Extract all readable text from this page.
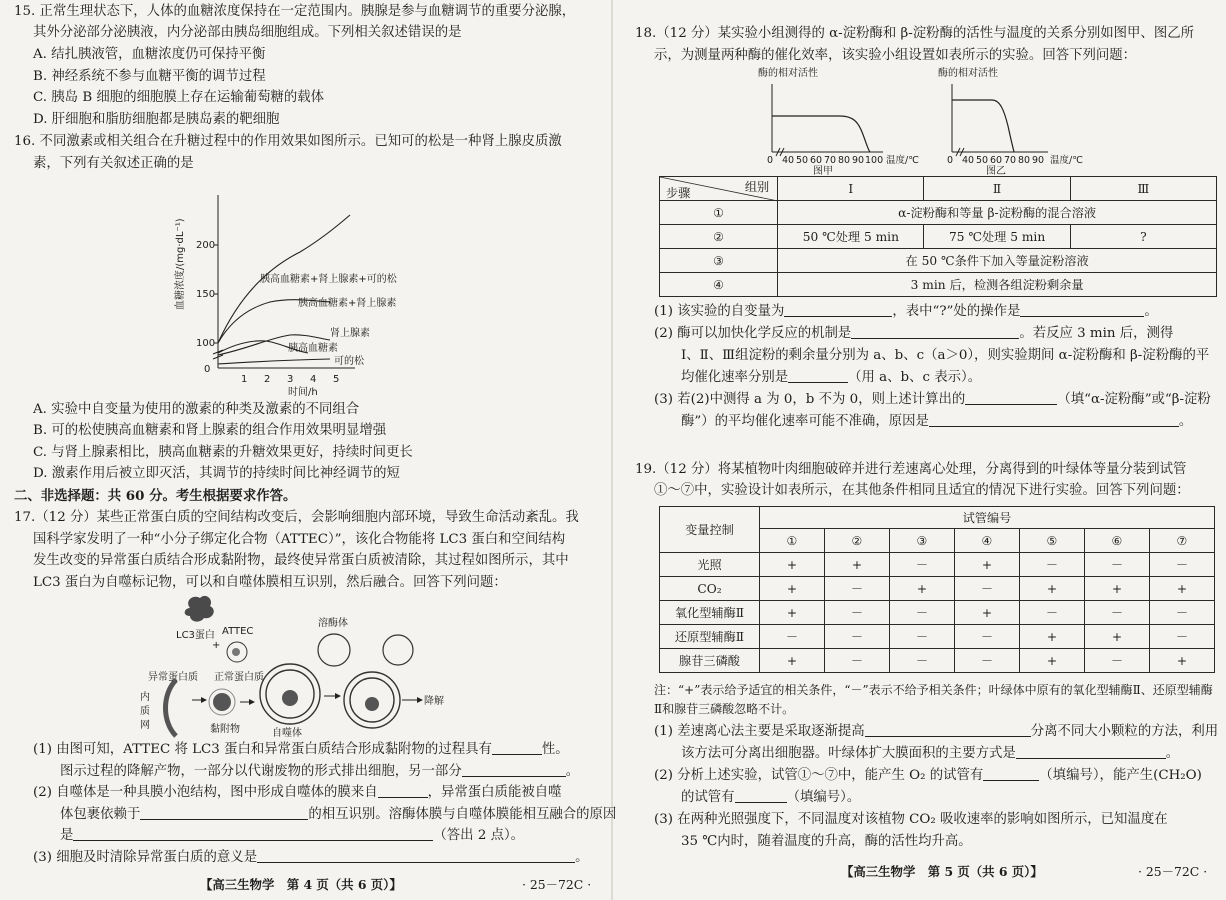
15. 正常生理状态下，人体的血糖浓度保持在一定范围内。胰腺是参与血糖调节的重要分泌腺，
其外分泌部分泌胰液，内分泌部由胰岛细胞组成。下列相关叙述错误的是
A. 结扎胰液管，血糖浓度仍可保持平衡
B. 神经系统不参与血糖平衡的调节过程
C. 胰岛 B 细胞的细胞膜上存在运输葡萄糖的载体
D. 肝细胞和脂肪细胞都是胰岛素的靶细胞
16. 不同激素或相关组合在升糖过程中的作用效果如图所示。已知可的松是一种肾上腺皮质激
素，下列有关叙述正确的是
血糖浓度/(mg·dL⁻¹)
0
100
150
200
1 2 3 4 5
时间/h
胰高血糖素+肾上腺素+可的松
胰高血糖素+肾上腺素
肾上腺素
胰高血糖素
可的松
A. 实验中自变量为使用的激素的种类及激素的不同组合
B. 可的松使胰高血糖素和肾上腺素的组合作用效果明显增强
C. 与肾上腺素相比，胰高血糖素的升糖效果更好，持续时间更长
D. 激素作用后被立即灭活，其调节的持续时间比神经调节的短
二、非选择题：共 60 分。考生根据要求作答。
17.（12 分）某些正常蛋白质的空间结构改变后，会影响细胞内部环境，导致生命活动紊乱。我
国科学家发明了一种“小分子绑定化合物（ATTEC）”，该化合物能将 LC3 蛋白和空间结构
发生改变的异常蛋白质结合形成黏附物，最终使异常蛋白质被清除，其过程如图所示，其中
LC3 蛋白为自噬标记物，可以和自噬体膜相互识别，然后融合。回答下列问题：
LC3蛋白
+
ATTEC
异常蛋白质 正常蛋白质
内
质
网	黏附物	自噬体
溶酶体
降解
(1) 由图可知，ATTEC 将 LC3 蛋白和异常蛋白质结合形成黏附物的过程具有	性。
图示过程的降解产物，一部分以代谢废物的形式排出细胞，另一部分	。
(2) 自噬体是一种具膜小泡结构，图中形成自噬体的膜来自	，异常蛋白质能被自噬
体包裹依赖于	的相互识别。溶酶体膜与自噬体膜能相互融合的原因
是	（答出 2 点）。
(3) 细胞及时清除异常蛋白质的意义是	。
【高三生物学　第 4 页（共 6 页）】	· 25－72C ·
18.（12 分）某实验小组测得的 α-淀粉酶和 β-淀粉酶的活性与温度的关系分别如图甲、图乙所
示，为测量两种酶的催化效率，该实验小组设置如表所示的实验。回答下列问题：
酶的相对活性
0 40 50 60 70 80 90 100 温度/℃
图甲
酶的相对活性
0 40 50 60 70 80 90 温度/℃
图乙
步骤 组别	Ⅰ	Ⅱ	Ⅲ
①	α-淀粉酶和等量 β-淀粉酶的混合溶液		
②	50 ℃处理 5 min	75 ℃处理 5 min	?
③	在 50 ℃条件下加入等量淀粉溶液		
④	3 min 后，检测各组淀粉剩余量		
(1) 该实验的自变量为	，表中“?”处的操作是	。
(2) 酶可以加快化学反应的机制是	。若反应 3 min 后，测得
Ⅰ、Ⅱ、Ⅲ组淀粉的剩余量分别为 a、b、c（a＞0），则实验期间 α-淀粉酶和 β-淀粉酶的平
均催化速率分别是	（用 a、b、c 表示）。
(3) 若(2)中测得 a 为 0，b 不为 0，则上述计算出的	（填“α-淀粉酶”或“β-淀粉
酶”）的平均催化速率可能不准确，原因是	。
19.（12 分）将某植物叶肉细胞破碎并进行差速离心处理，分离得到的叶绿体等量分装到试管
①～⑦中，实验设计如表所示，在其他条件相同且适宜的情况下进行实验。回答下列问题：
变量控制	试管编号						
	①	②	③	④	⑤	⑥	⑦
光照	+	+	－	+	－	－	－
CO₂	+	－	+	－	+	+	+
氧化型辅酶Ⅱ	+	－	－	+	－	－	－
还原型辅酶Ⅱ	－	－	－	－	+	+	－
腺苷三磷酸	+	－	－	－	+	－	+
注：“+”表示给予适宜的相关条件，“－”表示不给予相关条件；叶绿体中原有的氧化型辅酶Ⅱ、还原型辅酶
Ⅱ和腺苷三磷酸忽略不计。
(1) 差速离心法主要是采取逐渐提高	分离不同大小颗粒的方法，利用
该方法可分离出细胞器。叶绿体扩大膜面积的主要方式是	。
(2) 分析上述实验，试管①～⑦中，能产生 O₂ 的试管有	（填编号），能产生(CH₂O)
的试管有	（填编号）。
(3) 在两种光照强度下，不同温度对该植物 CO₂ 吸收速率的影响如图所示，已知温度在
35 ℃内时，随着温度的升高，酶的活性均升高。
【高三生物学　第 5 页（共 6 页）】	· 25－72C ·
